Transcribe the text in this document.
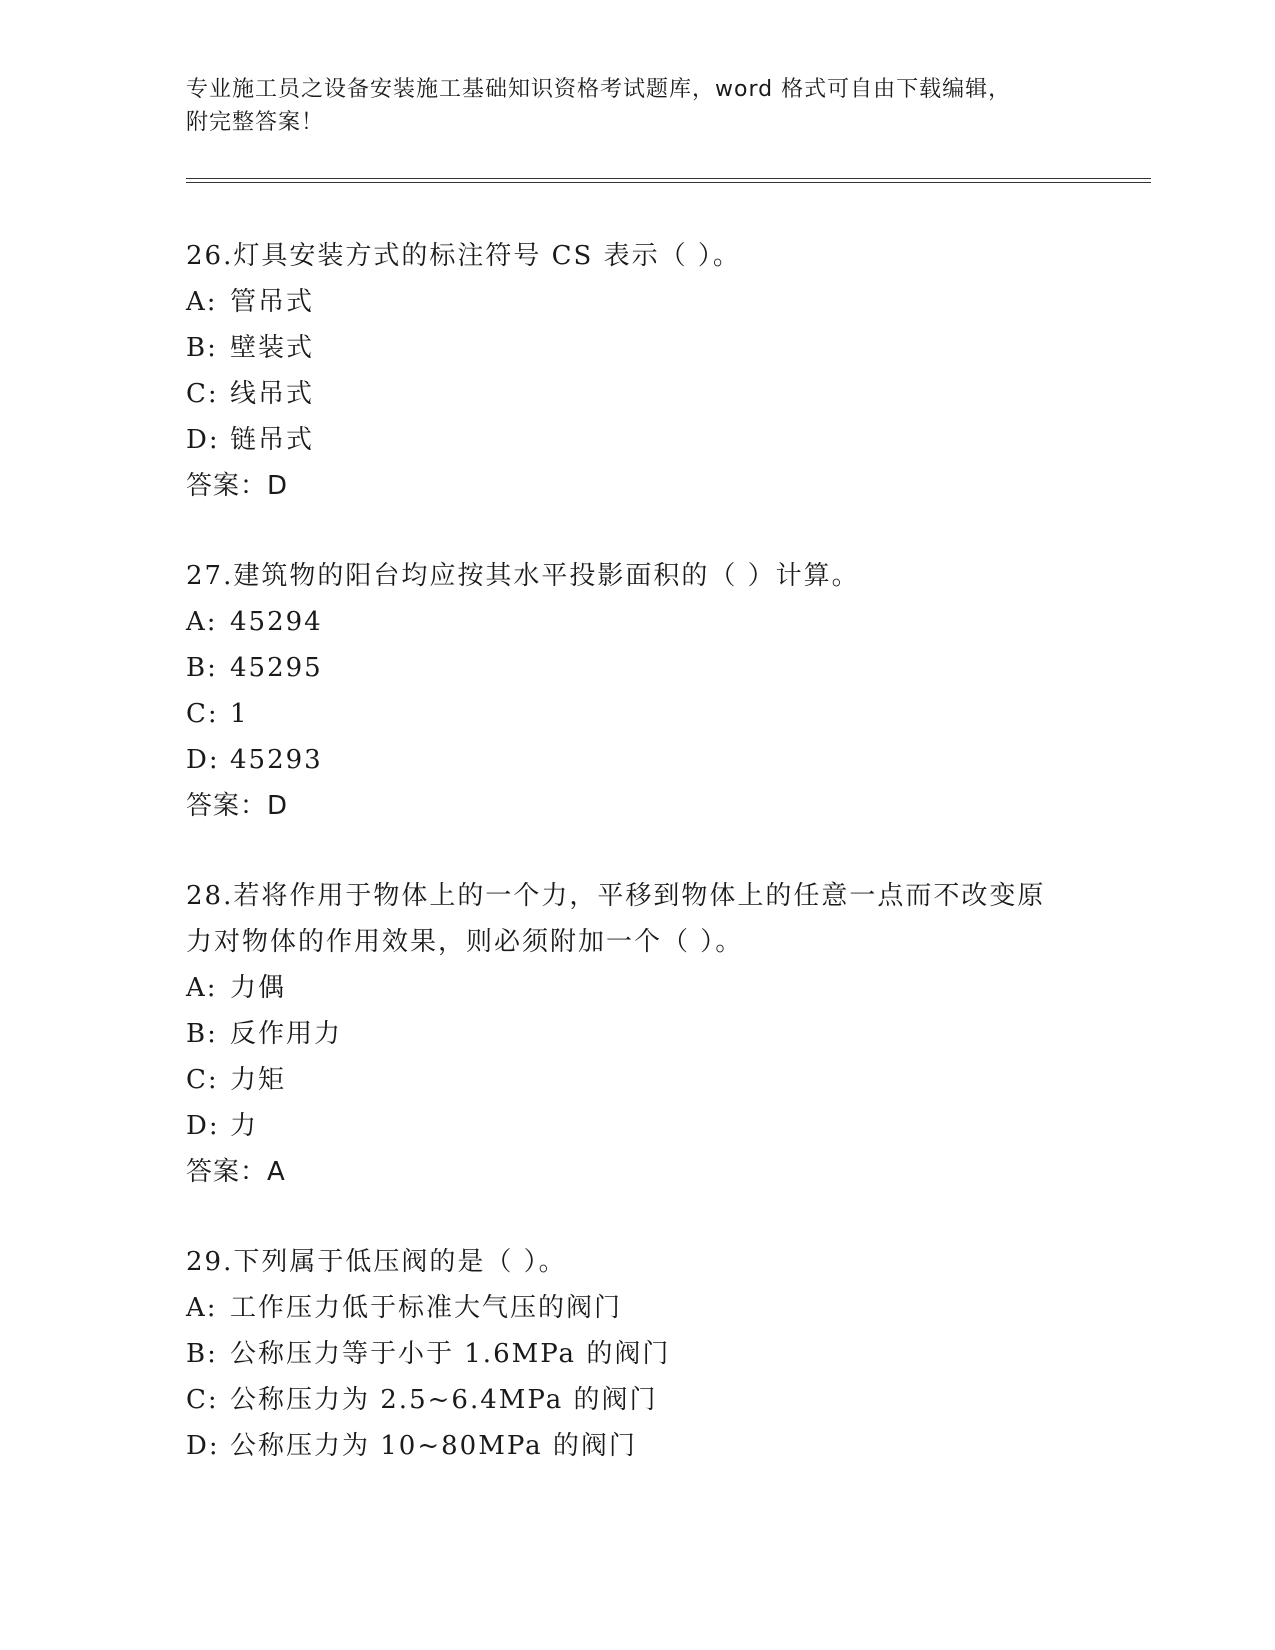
专业施工员之设备安装施工基础知识资格考试题库，word 格式可自由下载编辑，
附完整答案！
26.灯具安装方式的标注符号 CS 表示（ ）。
A: 管吊式
B: 壁装式
C: 线吊式
D: 链吊式
答案：D
27.建筑物的阳台均应按其水平投影面积的（ ）计算。
A: 45294
B: 45295
C: 1
D: 45293
答案：D
28.若将作用于物体上的一个力，平移到物体上的任意一点而不改变原
力对物体的作用效果，则必须附加一个（ ）。
A: 力偶
B: 反作用力
C: 力矩
D: 力
答案：A
29.下列属于低压阀的是（ ）。
A: 工作压力低于标准大气压的阀门
B: 公称压力等于小于 1.6MPa 的阀门
C: 公称压力为 2.5~6.4MPa 的阀门
D: 公称压力为 10~80MPa 的阀门
